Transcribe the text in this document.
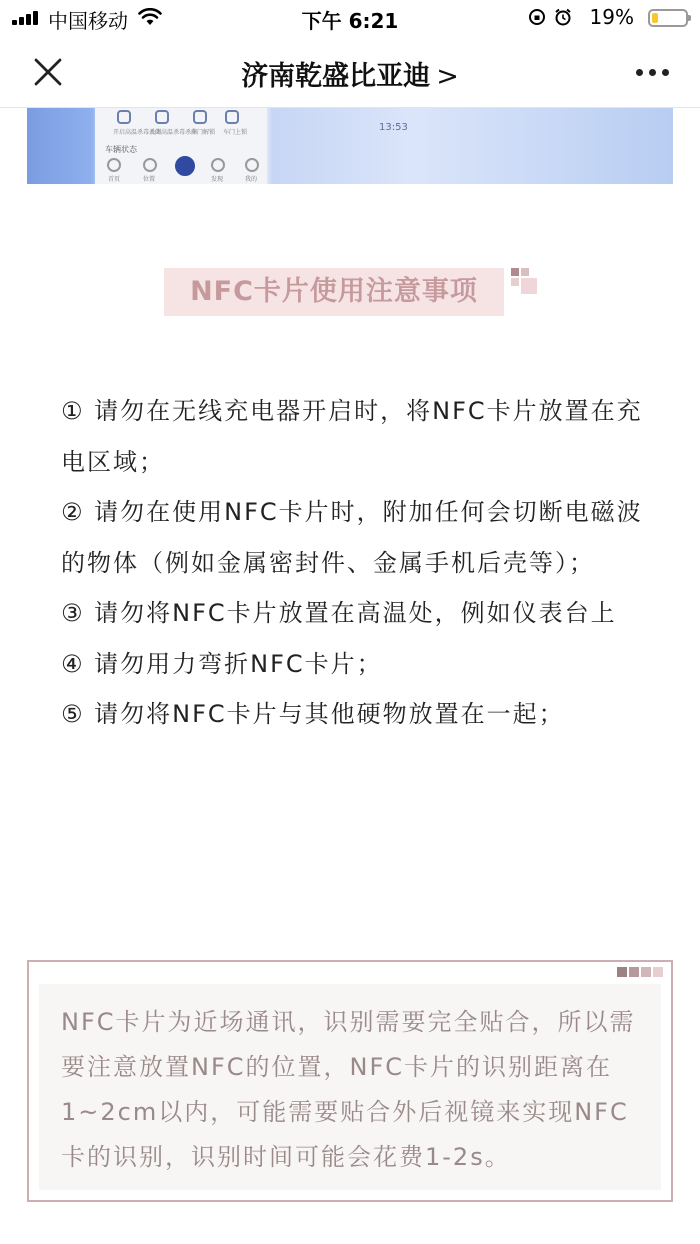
中国移动	下午 6:21	19%
济南乾盛比亚迪 >
开启高温杀毒杀菌
关闭高温杀毒杀菌
车门解锁 车门上锁
车辆状态
首页	位置	发现	我的
13:53
NFC卡片使用注意事项

① 请勿在无线充电器开启时，将NFC卡片放置在充电区域；

② 请勿在使用NFC卡片时，附加任何会切断电磁波的物体（例如金属密封件、金属手机后壳等）；

③ 请勿将NFC卡片放置在高温处，例如仪表台上

④ 请勿用力弯折NFC卡片；

⑤ 请勿将NFC卡片与其他硬物放置在一起；

NFC卡片为近场通讯，识别需要完全贴合，所以需要注意放置NFC的位置，NFC卡片的识别距离在1~2cm以内，可能需要贴合外后视镜来实现NFC卡的识别，识别时间可能会花费1-2s。
